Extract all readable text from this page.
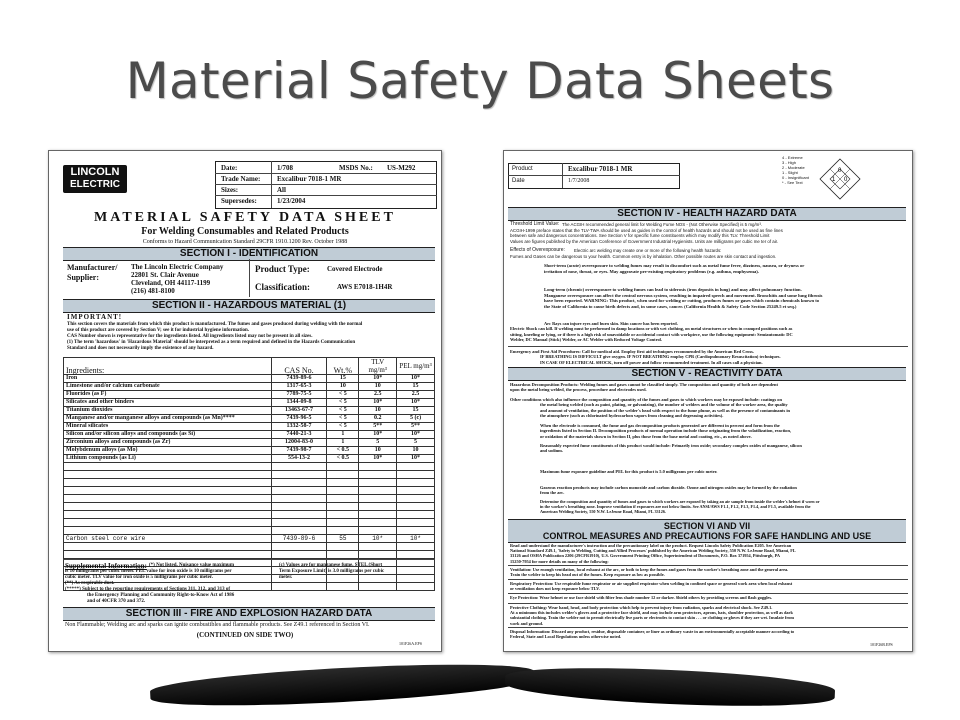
Material Safety Data Sheets
LINCOLN
ELECTRIC
Date:	1/708	MSDS No.: US-M292
Trade Name: Excalibur 7018-1 MR
Sizes:	All
Supersedes:	1/23/2004
MATERIAL SAFETY DATA SHEET
For Welding Consumables and Related Products
Conforms to Hazard Communication Standard 29CFR 1910.1200 Rev. October 1988
SECTION I - IDENTIFICATION
Manufacturer/ Supplier:
The Lincoln Electric Company
22801 St. Clair Avenue
Cleveland, OH 44117-1199
(216) 481-8100
Product Type: Covered Electrode
Classification:	AWS E7018-1H4R
SECTION II - HAZARDOUS MATERIAL (1)
IMPORTANT!
This section covers the materials from which this product is manufactured. The fumes and gases produced during welding with the normal
use of this product are covered by Section V; see it for industrial hygiene information.
CAS Number shown is representative for the ingredients listed. All ingredients listed may not be present in all sizes.
(1) The term 'hazardous' in 'Hazardous Material' should be interpreted as a term required and defined in the Hazards Communication
Standard and does not necessarily imply the existence of any hazard.
Ingredients:	CAS No.	Wt.%	TLV mg/m³	PEL mg/m³
Iron	7439-89-6	15	10*	10*
Limestone and/or calcium carbonate	1317-65-3	10	10	15
Fluorides (as F)	7789-75-5	< 5	2.5	2.5
Silicates and other binders	1344-09-8	< 5	10*	10*
Titanium dioxides	13463-67-7	< 5	10	15
Manganese and/or manganese alloys and compounds (as Mn)****	7439-96-5	< 5	0.2	5 (c)
Mineral silicates	1332-58-7	< 5	5**	5**
Silicon and/or silicon alloys and compounds (as Si)	7440-21-3	1	10*	10*
Zirconium alloys and compounds (as Zr)	12004-83-0	1	5	5
Molybdenum alloys (as Mo)	7439-98-7	< 0.5	10	10
Lithium compounds (as Li)	554-13-2	< 0.5	10*	10*

Carbon steel core wire	7439-89-6	55	10*	10*

Supplemental Information: (*) Not listed. Nuisance value maximum
is 10 milligrams per cubic meter. PEL value for iron oxide is 10 milligrams per
cubic meter. TLV value for iron oxide is 5 milligrams per cubic meter.
(**) As respirable dust.
(*****) Subject to the reporting requirements of Sections 311, 312, and 313 of
the Emergency Planning and Community Right-to-Know Act of 1986
and of 40CFR 370 and 372.
(c) Values are for manganese fume. STEL (Short
Term Exposure Limit) is 3.0 milligrams per cubic
meter.
SECTION III - FIRE AND EXPLOSION HAZARD DATA
Non Flammable; Welding arc and sparks can ignite combustibles and flammable products. See Z49.1 referenced in Section VI.
(CONTINUED ON SIDE TWO)
101F26A.EPS
Product	Excalibur 7018-1 MR
Date	1/7/2008	1
0
0
4 - Extreme
3 - High
2 - Moderate
1 - Slight
0 - Insignificant
* - See Text
SECTION IV - HEALTH HAZARD DATA
Threshold Limit Value: The ACGIH recommended general limit for Welding Fume NOS - (Not Otherwise Specified) is 5 mg/m³.
ACGIH-1999 preface states that the TLV-TWA should be used as guides in the control of health hazards and should not be used as fine lines
between safe and dangerous concentrations. See Section V for specific fume constituents which may modify this TLV. Threshold Limit
Values are figures published by the American Conference of Government Industrial Hygienists. Units are milligrams per cubic me ter of air.
Effects of Overexposure:	Electric arc welding may create one or more of the following health hazards:
Fumes and Gases can be dangerous to your health. Common entry is by inhalation. Other possible routes are skin contact and ingestion.
Short-term (acute) overexposure to welding fumes may result in discomfort such as metal fume fever, dizziness, nausea, or dryness or
irritation of nose, throat, or eyes. May aggravate pre-existing respiratory problems (e.g. asthma, emphysema).
Long-term (chronic) overexposure to welding fumes can lead to siderosis (iron deposits in lung) and may affect pulmonary function.
Manganese overexposure can affect the central nervous system, resulting in impaired speech and movement. Bronchitis and some lung fibrosis
have been reported. WARNING: This product, when used for welding or cutting, produces fumes or gases which contain chemicals known to
the State of California to cause birth defects and, in some cases, cancer. (California Health & Safety Code Section 25249.5 et seq.)
Arc Rays can injure eyes and burn skin. Skin cancer has been reported.
Electric Shock can kill. If welding must be performed in damp locations or with wet clothing, on metal structures or when in cramped positions such as
sitting, kneeling or lying, or if there is a high risk of unavoidable or accidental contact with workpiece, use the following equipment: Semiautomatic DC
Welder, DC Manual (Stick) Welder, or AC Welder with Reduced Voltage Control.
Emergency and First Aid Procedures: Call for medical aid. Employ first aid techniques recommended by the American Red Cross.
IF BREATHING IS DIFFICULT give oxygen. IF NOT BREATHING employ CPR (Cardiopulmonary Resuscitation) techniques.
IN CASE OF ELECTRICAL SHOCK, turn off power and follow recommended treatment. In all cases call a physician.
SECTION V - REACTIVITY DATA
Hazardous Decomposition Products: Welding fumes and gases cannot be classified simply. The composition and quantity of both are dependent
upon the metal being welded, the process, procedure and electrodes used.
Other conditions which also influence the composition and quantity of the fumes and gases to which workers may be exposed include: coatings on
the metal being welded (such as paint, plating, or galvanizing), the number of welders and the volume of the worker area, the quality
and amount of ventilation, the position of the welder's head with respect to the fume plume, as well as the presence of contaminants in
the atmosphere (such as chlorinated hydrocarbon vapors from cleaning and degreasing activities).
When the electrode is consumed, the fume and gas decomposition products generated are different in percent and form from the
ingredients listed in Section II. Decomposition products of normal operation include those originating from the volatilization, reaction,
or oxidation of the materials shown in Section II, plus those from the base metal and coating, etc., as noted above.
Reasonably expected fume constituents of this product would include: Primarily iron oxide; secondary complex oxides of manganese, silicon
and sodium.
Maximum fume exposure guideline and PEL for this product is 5.0 milligrams per cubic meter.
Gaseous reaction products may include carbon monoxide and carbon dioxide. Ozone and nitrogen oxides may be formed by the radiation
from the arc.
Determine the composition and quantity of fumes and gases to which workers are exposed by taking an air sample from inside the welder's helmet if worn or
in the worker's breathing zone. Improve ventilation if exposures are not below limits. See ANSI/AWS F1.1, F1.2, F1.3, F1.4, and F1.5, available from the
American Welding Society, 550 N.W. LeJeune Road, Miami, FL 33126.
SECTION VI AND VII
CONTROL MEASURES AND PRECAUTIONS FOR SAFE HANDLING AND USE
Read and understand the manufacturer's instruction and the precautionary label on the product. Request Lincoln Safety Publication E205. See American
National Standard Z49.1, 'Safety in Welding, Cutting and Allied Processes' published by the American Welding Society, 550 N.W. LeJeune Road, Miami, FL
33126 and OSHA Publication 2206 (29CFR1910), U.S. Government Printing Office, Superintendent of Documents, P.O. Box 371954, Pittsburgh, PA
15250-7954 for more details on many of the following:
Ventilation: Use enough ventilation, local exhaust at the arc, or both to keep the fumes and gases from the worker's breathing zone and the general area.
Train the welder to keep his head out of the fumes. Keep exposure as low as possible.
Respiratory Protection: Use respirable fume respirator or air supplied respirator when welding in confined space or general work area when local exhaust
or ventilation does not keep exposure below TLV.
Eye Protection: Wear helmet or use face shield with filter lens shade number 12 or darker. Shield others by providing screens and flash goggles.
Protective Clothing: Wear hand, head, and body protection which help to prevent injury from radiation, sparks and electrical shock. See Z49.1.
At a minimum this includes welder's gloves and a protective face shield, and may include arm protectors, aprons, hats, shoulder protection, as well as dark
substantial clothing. Train the welder not to permit electrically live parts or electrodes to contact skin . . . or clothing or gloves if they are wet. Insulate from
work and ground.
Disposal Information: Discard any product, residue, disposable container, or liner as ordinary waste in an environmentally acceptable manner according to
Federal, State and Local Regulations unless otherwise noted.
101F26B.EPS
